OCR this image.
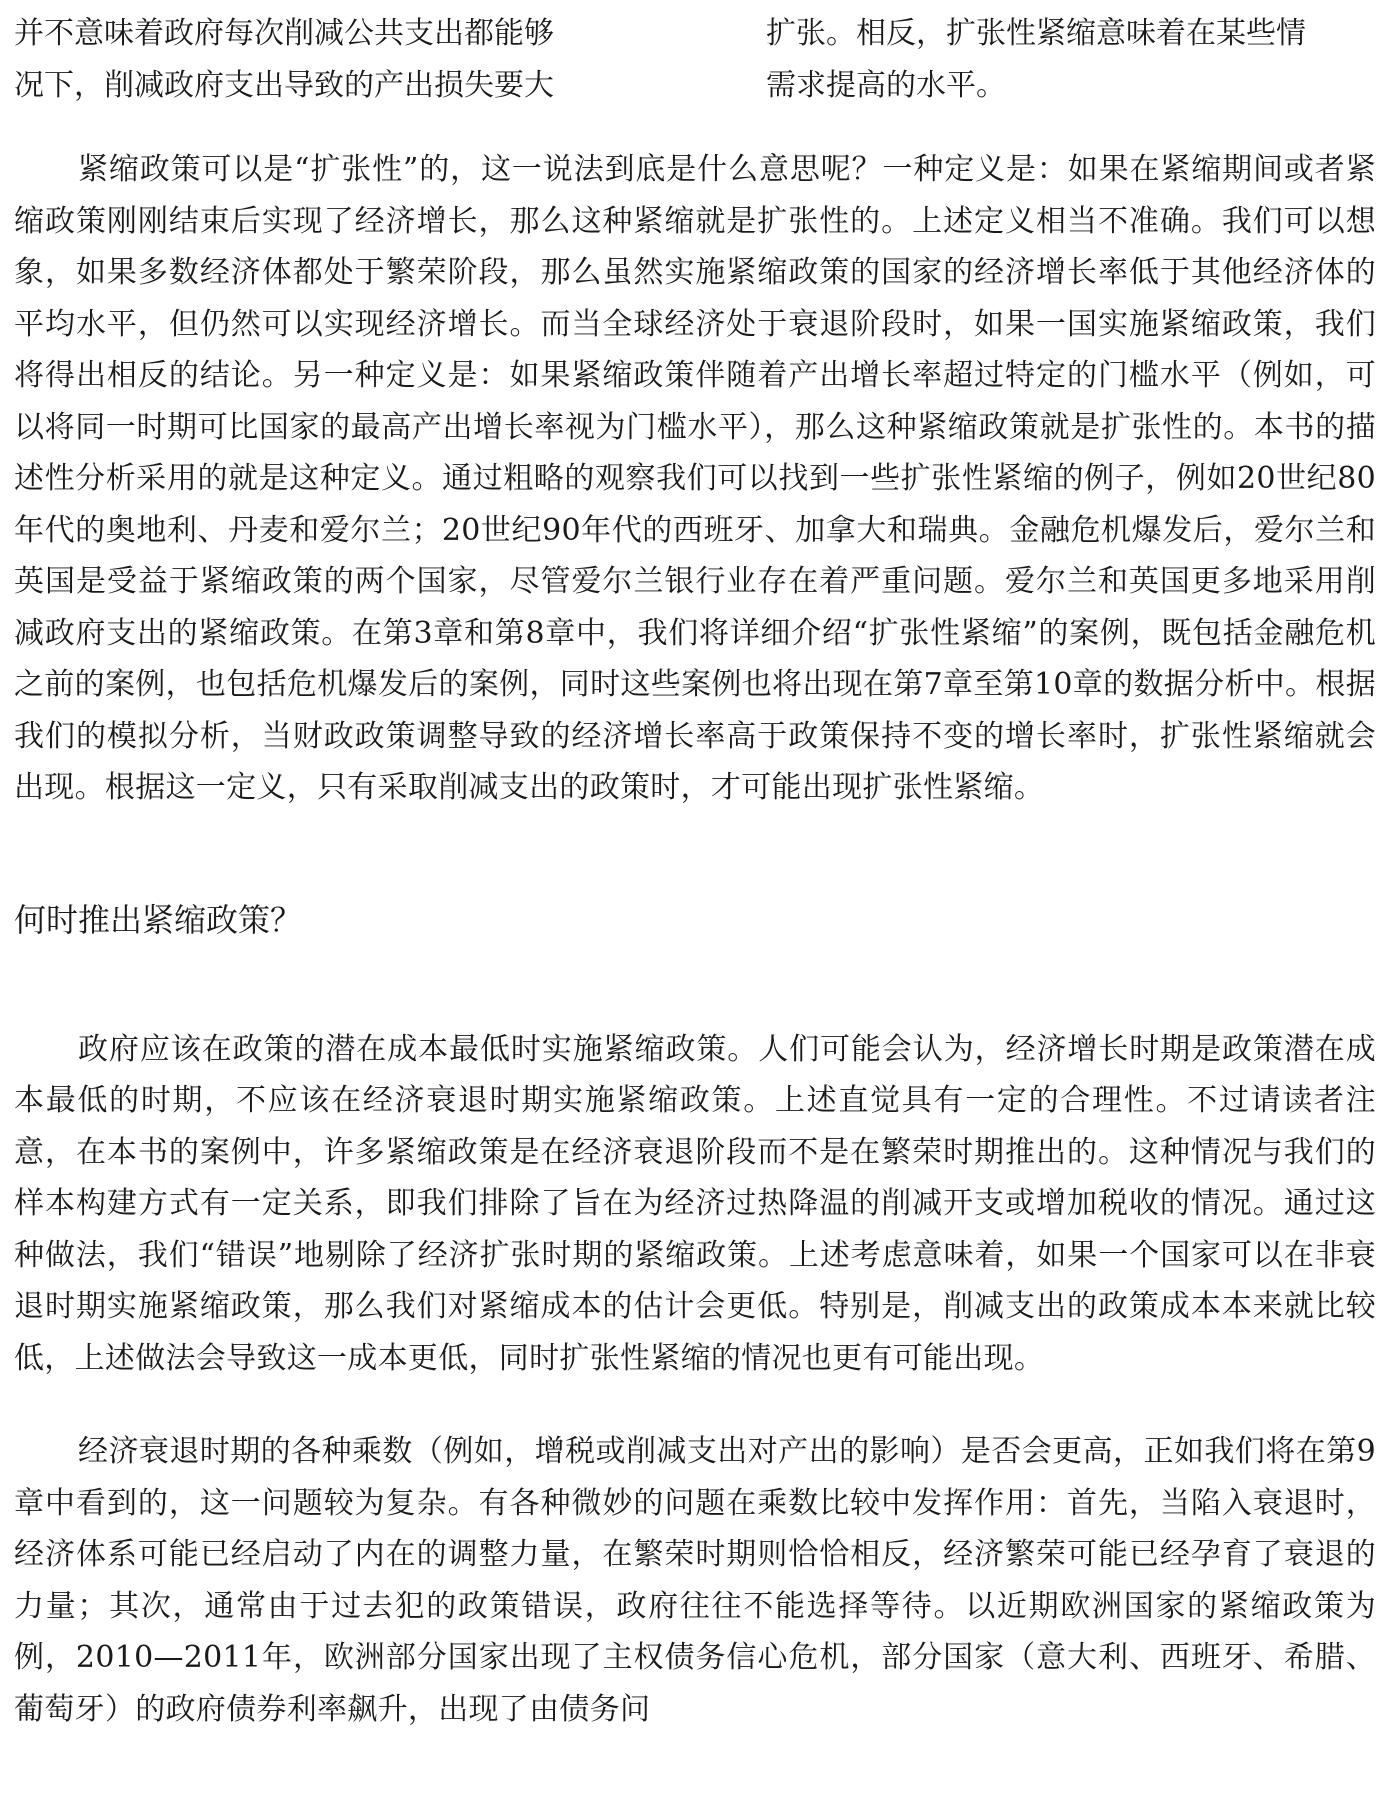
并不意味着政府每次削减公共支出都能够
况下，削减政府支出导致的产出损失要大
扩张。相反，扩张性紧缩意味着在某些情
需求提高的水平。

紧缩政策可以是“扩张性”的，这一说法到底是什么意思呢？一种定义是：如果在紧缩期间或者紧缩政策刚刚结束后实现了经济增长，那么这种紧缩就是扩张性的。上述定义相当不准确。我们可以想象，如果多数经济体都处于繁荣阶段，那么虽然实施紧缩政策的国家的经济增长率低于其他经济体的平均水平，但仍然可以实现经济增长。而当全球经济处于衰退阶段时，如果一国实施紧缩政策，我们将得出相反的结论。另一种定义是：如果紧缩政策伴随着产出增长率超过特定的门槛水平（例如，可以将同一时期可比国家的最高产出增长率视为门槛水平），那么这种紧缩政策就是扩张性的。本书的描述性分析采用的就是这种定义。通过粗略的观察我们可以找到一些扩张性紧缩的例子，例如20世纪80年代的奥地利、丹麦和爱尔兰；20世纪90年代的西班牙、加拿大和瑞典。金融危机爆发后，爱尔兰和英国是受益于紧缩政策的两个国家，尽管爱尔兰银行业存在着严重问题。爱尔兰和英国更多地采用削减政府支出的紧缩政策。在第3章和第8章中，我们将详细介绍“扩张性紧缩”的案例，既包括金融危机之前的案例，也包括危机爆发后的案例，同时这些案例也将出现在第7章至第10章的数据分析中。根据我们的模拟分析，当财政政策调整导致的经济增长率高于政策保持不变的增长率时，扩张性紧缩就会出现。根据这一定义，只有采取削减支出的政策时，才可能出现扩张性紧缩。

何时推出紧缩政策？

政府应该在政策的潜在成本最低时实施紧缩政策。人们可能会认为，经济增长时期是政策潜在成本最低的时期，不应该在经济衰退时期实施紧缩政策。上述直觉具有一定的合理性。不过请读者注意，在本书的案例中，许多紧缩政策是在经济衰退阶段而不是在繁荣时期推出的。这种情况与我们的样本构建方式有一定关系，即我们排除了旨在为经济过热降温的削减开支或增加税收的情况。通过这种做法，我们“错误”地剔除了经济扩张时期的紧缩政策。上述考虑意味着，如果一个国家可以在非衰退时期实施紧缩政策，那么我们对紧缩成本的估计会更低。特别是，削减支出的政策成本本来就比较低，上述做法会导致这一成本更低，同时扩张性紧缩的情况也更有可能出现。

经济衰退时期的各种乘数（例如，增税或削减支出对产出的影响）是否会更高，正如我们将在第9章中看到的，这一问题较为复杂。有各种微妙的问题在乘数比较中发挥作用：首先，当陷入衰退时，经济体系可能已经启动了内在的调整力量，在繁荣时期则恰恰相反，经济繁荣可能已经孕育了衰退的力量；其次，通常由于过去犯的政策错误，政府往往不能选择等待。以近期欧洲国家的紧缩政策为例，2010—2011年，欧洲部分国家出现了主权债务信心危机，部分国家（意大利、西班牙、希腊、葡萄牙）的政府债券利率飙升，出现了由债务问
